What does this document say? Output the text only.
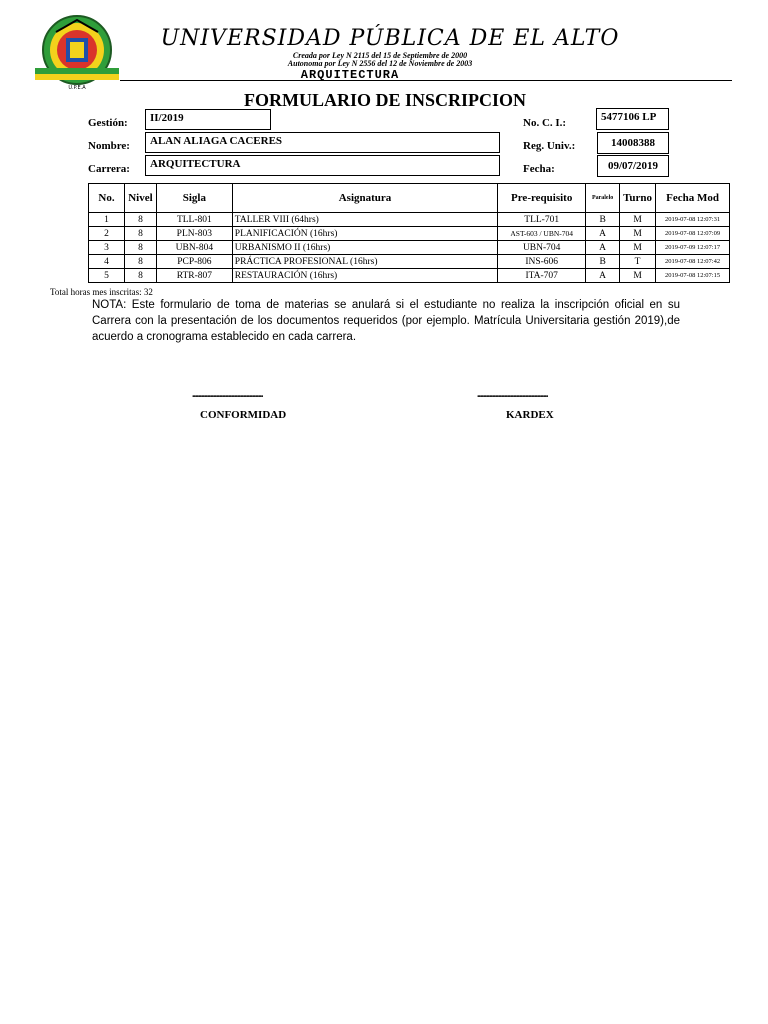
U.P.E.A
UNIVERSIDAD PÚBLICA DE EL ALTO
Creada por Ley N 2115 del 15 de Septiembre de 2000
Autonoma por Ley N 2556 del 12 de Noviembre de 2003
ARQUITECTURA
FORMULARIO DE INSCRIPCION
Gestión:	II/2019
Nombre:	ALAN ALIAGA CACERES
Carrera:	ARQUITECTURA
No. C. I.:	5477106 LP
Reg. Univ.:	14008388
Fecha:	09/07/2019
No.	Nivel	Sigla	Asignatura	Pre-requisito	Paralelo	Turno	Fecha Mod
1	8	TLL-801	TALLER VIII (64hrs)	TLL-701	B	M	2019-07-08 12:07:31
2	8	PLN-803	PLANIFICACIÓN (16hrs)	AST-603 / UBN-704	A	M	2019-07-08 12:07:09
3	8	UBN-804	URBANISMO II (16hrs)	UBN-704	A	M	2019-07-09 12:07:17
4	8	PCP-806	PRÁCTICA PROFESIONAL (16hrs)	INS-606	B	T	2019-07-08 12:07:42
5	8	RTR-807	RESTAURACIÓN (16hrs)	ITA-707	A	M	2019-07-08 12:07:15
Total horas mes inscritas: 32
NOTA: Este formulario de toma de materias se anulará si el estudiante no realiza la inscripción oficial en su Carrera con la presentación de los documentos requeridos (por ejemplo. Matrícula Universitaria gestión 2019),de acuerdo a cronograma establecido en cada carrera.
...............................................
CONFORMIDAD
...............................................
KARDEX
